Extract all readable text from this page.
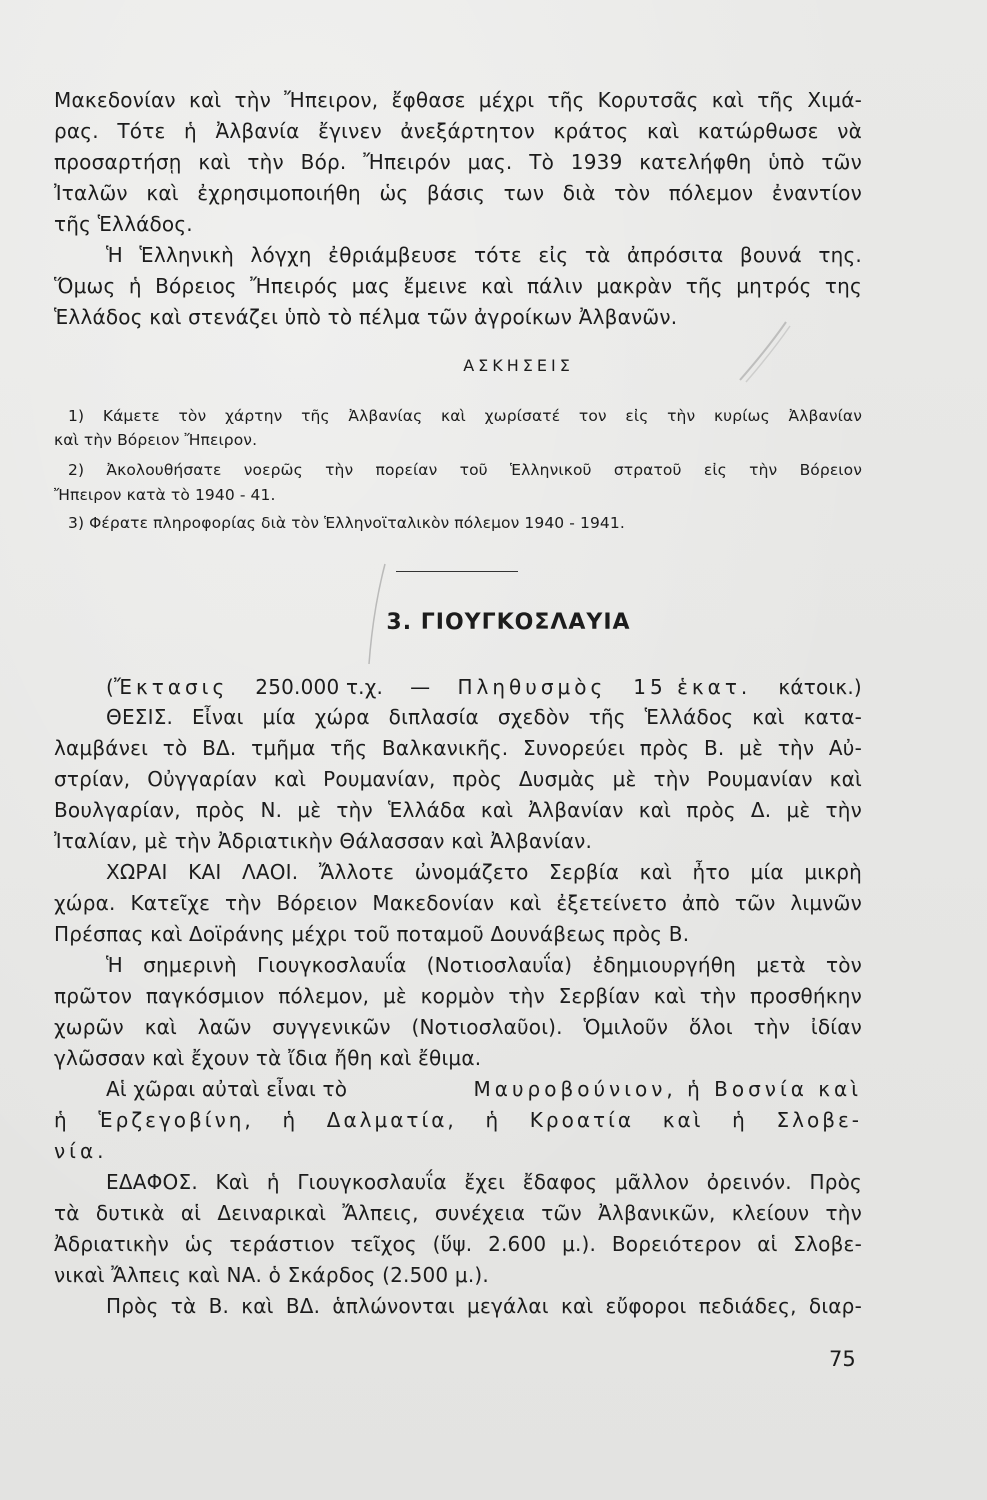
Μακεδονίαν καὶ τὴν Ἤπειρον, ἔφθασε μέχρι τῆς Κορυτσᾶς καὶ τῆς Χιμά-
ρας. Τότε ἡ Ἀλβανία ἔγινεν ἀνεξάρτητον κράτος καὶ κατώρθωσε νὰ
προσαρτήσῃ καὶ τὴν Βόρ. Ἤπειρόν μας. Τὸ 1939 κατελήφθη ὑπὸ τῶν
Ἰταλῶν καὶ ἐχρησιμοποιήθη ὡς βάσις των διὰ τὸν πόλεμον ἐναντίον
τῆς Ἑλλάδος.
Ἡ Ἑλληνικὴ λόγχη ἐθριάμβευσε τότε εἰς τὰ ἀπρόσιτα βουνά της.
Ὅμως ἡ Βόρειος Ἤπειρός μας ἔμεινε καὶ πάλιν μακρὰν τῆς μητρός της
Ἑλλάδος καὶ στενάζει ὑπὸ τὸ πέλμα τῶν ἀγροίκων Ἀλβανῶν.
ΑΣΚΗΣΕΙΣ
1) Κάμετε τὸν χάρτην τῆς Ἀλβανίας καὶ χωρίσατέ τον εἰς τὴν κυρίως Ἀλβανίαν
καὶ τὴν Βόρειον Ἤπειρον.
2) Ἀκολουθήσατε νοερῶς τὴν πορείαν τοῦ Ἑλληνικοῦ στρατοῦ εἰς τὴν Βόρειον
Ἤπειρον κατὰ τὸ 1940 - 41.
3) Φέρατε πληροφορίας διὰ τὸν Ἑλληνοϊταλικὸν πόλεμον 1940 - 1941.
3. ΓΙΟΥΓΚΟΣΛΑΥΙΑ
(Ἔκτασις 250.000 τ.χ. — Πληθυσμὸς 15 ἑκατ. κάτοικ.)
ΘΕΣΙΣ. Εἶναι μία χώρα διπλασία σχεδὸν τῆς Ἑλλάδος καὶ κατα-
λαμβάνει τὸ ΒΔ. τμῆμα τῆς Βαλκανικῆς. Συνορεύει πρὸς Β. μὲ τὴν Αὐ-
στρίαν, Οὐγγαρίαν καὶ Ρουμανίαν, πρὸς Δυσμὰς μὲ τὴν Ρουμανίαν καὶ
Βουλγαρίαν, πρὸς Ν. μὲ τὴν Ἑλλάδα καὶ Ἀλβανίαν καὶ πρὸς Δ. μὲ τὴν
Ἰταλίαν, μὲ τὴν Ἀδριατικὴν Θάλασσαν καὶ Ἀλβανίαν.
ΧΩΡΑΙ ΚΑΙ ΛΑΟΙ. Ἄλλοτε ὠνομάζετο Σερβία καὶ ἦτο μία μικρὴ
χώρα. Κατεῖχε τὴν Βόρειον Μακεδονίαν καὶ ἐξετείνετο ἀπὸ τῶν λιμνῶν
Πρέσπας καὶ Δοϊράνης μέχρι τοῦ ποταμοῦ Δουνάβεως πρὸς Β.
Ἡ σημερινὴ Γιουγκοσλαυΐα (Νοτιοσλαυΐα) ἐδημιουργήθη μετὰ τὸν
πρῶτον παγκόσμιον πόλεμον, μὲ κορμὸν τὴν Σερβίαν καὶ τὴν προσθήκην
χωρῶν καὶ λαῶν συγγενικῶν (Νοτιοσλαῦοι). Ὁμιλοῦν ὅλοι τὴν ἰδίαν
γλῶσσαν καὶ ἔχουν τὰ ἴδια ἤθη καὶ ἔθιμα.
Αἱ χῶραι αὐταὶ εἶναι τὸ	Μαυροβούνιον, ἡ Βοσνία καὶ
ἡ Ἑρζεγοβίνη, ἡ Δαλματία, ἡ Κροατία καὶ ἡ Σλοβε-
νία.
ΕΔΑΦΟΣ. Καὶ ἡ Γιουγκοσλαυΐα ἔχει ἔδαφος μᾶλλον ὀρεινόν. Πρὸς
τὰ δυτικὰ αἱ Δειναρικαὶ Ἄλπεις, συνέχεια τῶν Ἀλβανικῶν, κλείουν τὴν
Ἀδριατικὴν ὡς τεράστιον τεῖχος (ὕψ. 2.600 μ.). Βορειότερον αἱ Σλοβε-
νικαὶ Ἄλπεις καὶ ΝΑ. ὁ Σκάρδος (2.500 μ.).
Πρὸς τὰ Β. καὶ ΒΔ. ἁπλώνονται μεγάλαι καὶ εὔφοροι πεδιάδες, διαρ-
75
